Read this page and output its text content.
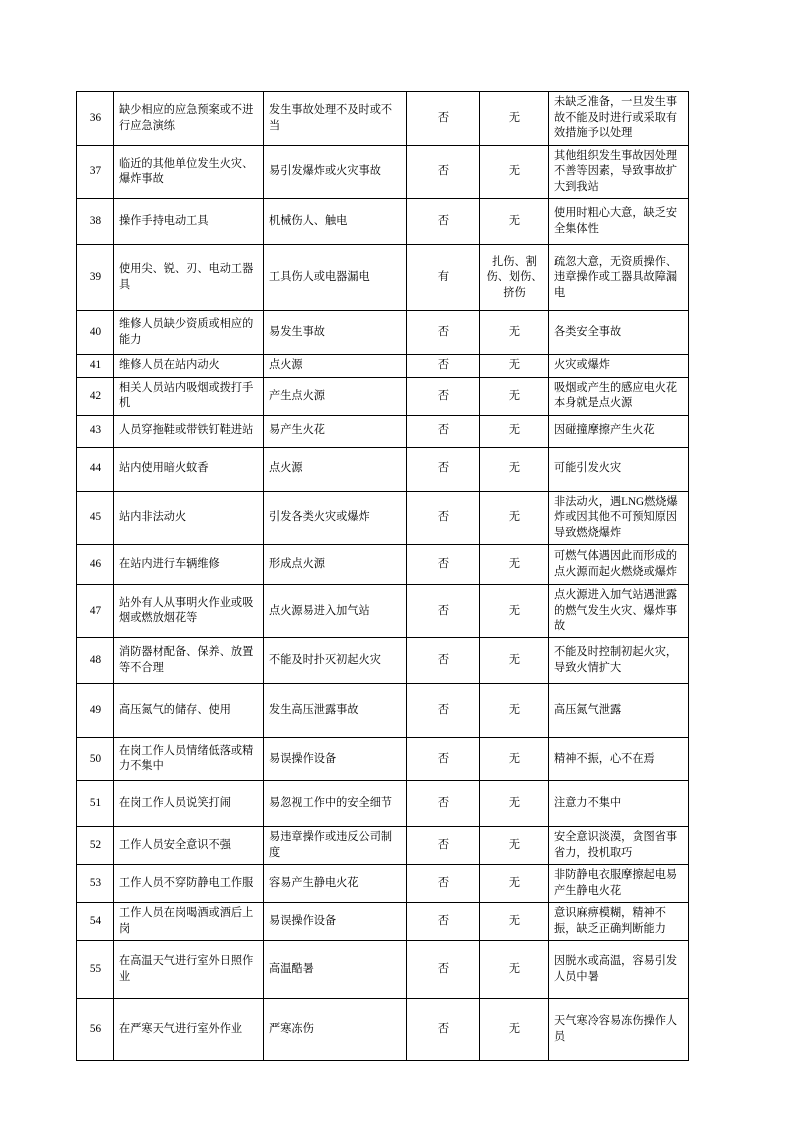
36	缺少相应的应急预案或不进行应急演练	发生事故处理不及时或不当	否	无	未缺乏准备，一旦发生事故不能及时进行或采取有效措施予以处理
37	临近的其他单位发生火灾、爆炸事故	易引发爆炸或火灾事故	否	无	其他组织发生事故因处理不善等因素，导致事故扩大到我站
38	操作手持电动工具	机械伤人、触电	否	无	使用时粗心大意，缺乏安全集体性
39	使用尖、锐、刃、电动工器具	工具伤人或电器漏电	有	扎伤、割伤、划伤、挤伤	疏忽大意，无资质操作、违章操作或工器具故障漏电
40	维修人员缺少资质或相应的能力	易发生事故	否	无	各类安全事故
41	维修人员在站内动火	点火源	否	无	火灾或爆炸
42	相关人员站内吸烟或拨打手机	产生点火源	否	无	吸烟或产生的感应电火花本身就是点火源
43	人员穿拖鞋或带铁钉鞋进站	易产生火花	否	无	因碰撞摩擦产生火花
44	站内使用暗火蚊香	点火源	否	无	可能引发火灾
45	站内非法动火	引发各类火灾或爆炸	否	无	非法动火，遇LNG燃烧爆炸或因其他不可预知原因导致燃烧爆炸
46	在站内进行车辆维修	形成点火源	否	无	可燃气体遇因此而形成的点火源而起火燃烧或爆炸
47	站外有人从事明火作业或吸烟或燃放烟花等	点火源易进入加气站	否	无	点火源进入加气站遇泄露的燃气发生火灾、爆炸事故
48	消防器材配备、保养、放置等不合理	不能及时扑灭初起火灾	否	无	不能及时控制初起火灾，导致火情扩大
49	高压氮气的储存、使用	发生高压泄露事故	否	无	高压氮气泄露
50	在岗工作人员情绪低落或精力不集中	易误操作设备	否	无	精神不振，心不在焉
51	在岗工作人员说笑打闹	易忽视工作中的安全细节	否	无	注意力不集中
52	工作人员安全意识不强	易违章操作或违反公司制度	否	无	安全意识淡漠，贪图省事省力，投机取巧
53	工作人员不穿防静电工作服	容易产生静电火花	否	无	非防静电衣服摩擦起电易产生静电火花
54	工作人员在岗喝酒或酒后上岗	易误操作设备	否	无	意识麻痹模糊，精神不振，缺乏正确判断能力
55	在高温天气进行室外日照作业	高温酷暑	否	无	因脱水或高温，容易引发人员中暑
56	在严寒天气进行室外作业	严寒冻伤	否	无	天气寒冷容易冻伤操作人员
